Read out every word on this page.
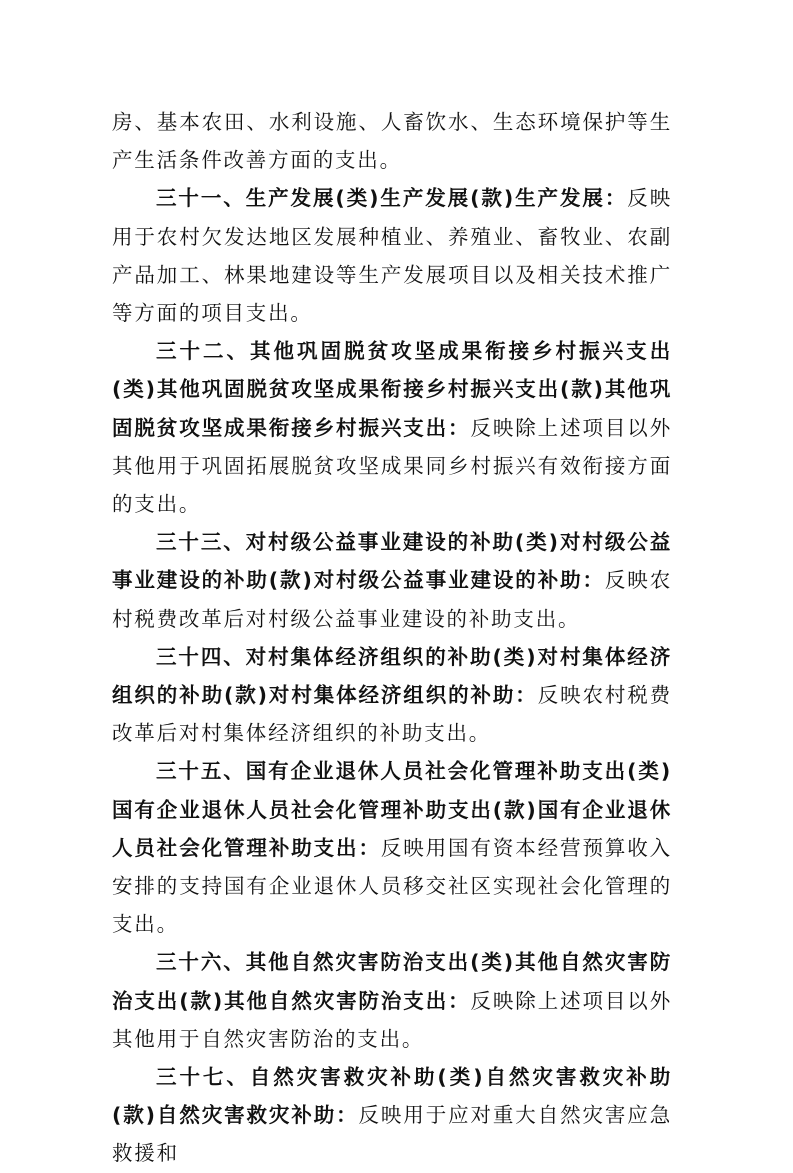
房、基本农田、水利设施、人畜饮水、生态环境保护等生产生活条件改善方面的支出。

三十一、生产发展(类)生产发展(款)生产发展：反映用于农村欠发达地区发展种植业、养殖业、畜牧业、农副产品加工、林果地建设等生产发展项目以及相关技术推广等方面的项目支出。

三十二、其他巩固脱贫攻坚成果衔接乡村振兴支出(类)其他巩固脱贫攻坚成果衔接乡村振兴支出(款)其他巩固脱贫攻坚成果衔接乡村振兴支出：反映除上述项目以外其他用于巩固拓展脱贫攻坚成果同乡村振兴有效衔接方面的支出。

三十三、对村级公益事业建设的补助(类)对村级公益事业建设的补助(款)对村级公益事业建设的补助：反映农村税费改革后对村级公益事业建设的补助支出。

三十四、对村集体经济组织的补助(类)对村集体经济组织的补助(款)对村集体经济组织的补助：反映农村税费改革后对村集体经济组织的补助支出。

三十五、国有企业退休人员社会化管理补助支出(类)国有企业退休人员社会化管理补助支出(款)国有企业退休人员社会化管理补助支出：反映用国有资本经营预算收入安排的支持国有企业退休人员移交社区实现社会化管理的支出。

三十六、其他自然灾害防治支出(类)其他自然灾害防治支出(款)其他自然灾害防治支出：反映除上述项目以外其他用于自然灾害防治的支出。

三十七、自然灾害救灾补助(类)自然灾害救灾补助(款)自然灾害救灾补助：反映用于应对重大自然灾害应急救援和
